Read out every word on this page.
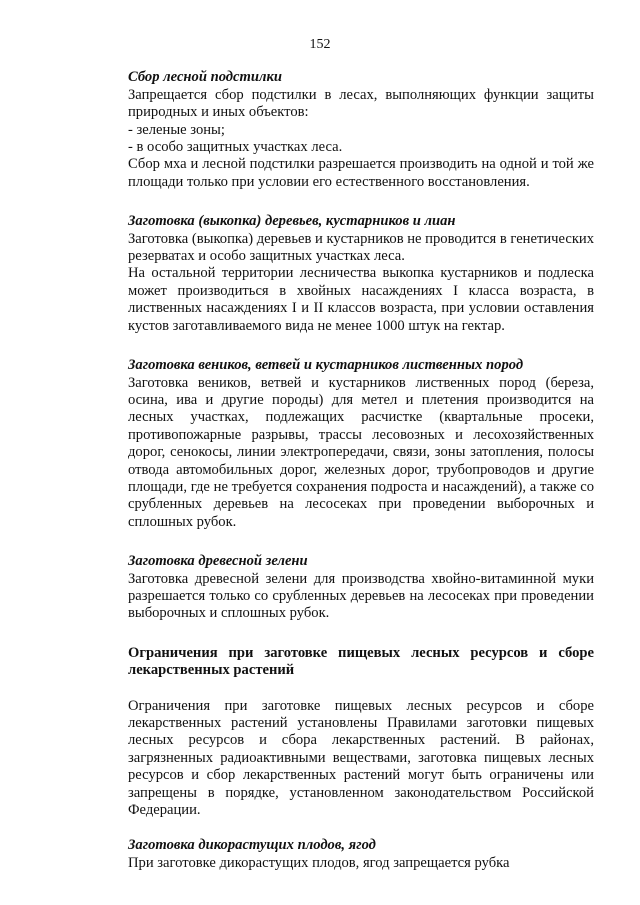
152
Сбор лесной подстилки

Запрещается сбор подстилки в лесах, выполняющих функции защиты природных и иных объектов:

- зеленые зоны;
- в особо защитных участках леса.

Сбор мха и лесной подстилки разрешается производить на одной и той же площади только при условии его естественного восстановления.

Заготовка (выкопка) деревьев, кустарников и лиан

Заготовка (выкопка) деревьев и кустарников не проводится в генетических резерватах и особо защитных участках леса.

На остальной территории лесничества выкопка кустарников и подлеска может производиться в хвойных насаждениях I класса возраста, в лиственных насаждениях I и II классов возраста, при условии оставления кустов заготавливаемого вида не менее 1000 штук на гектар.

Заготовка веников, ветвей и кустарников лиственных пород

Заготовка веников, ветвей и кустарников лиственных пород (береза, осина, ива и другие породы) для метел и плетения производится на лесных участках, подлежащих расчистке (квартальные просеки, противопожарные разрывы, трассы лесовозных и лесохозяйственных дорог, сенокосы, линии электропередачи, связи, зоны затопления, полосы отвода автомобильных дорог, железных дорог, трубопроводов и другие площади, где не требуется сохранения подроста и насаждений), а также со срубленных деревьев на лесосеках при проведении выборочных и сплошных рубок.

Заготовка древесной зелени

Заготовка древесной зелени для производства хвойно-витаминной муки разрешается только со срубленных деревьев на лесосеках при проведении выборочных и сплошных рубок.

Ограничения при заготовке пищевых лесных ресурсов и сборе лекарственных растений

Ограничения при заготовке пищевых лесных ресурсов и сборе лекарственных растений установлены Правилами заготовки пищевых лесных ресурсов и сбора лекарственных растений. В районах, загрязненных радиоактивными веществами, заготовка пищевых лесных ресурсов и сбор лекарственных растений могут быть ограничены или запрещены в порядке, установленном законодательством Российской Федерации.

Заготовка дикорастущих плодов, ягод

При заготовке дикорастущих плодов, ягод запрещается рубка
